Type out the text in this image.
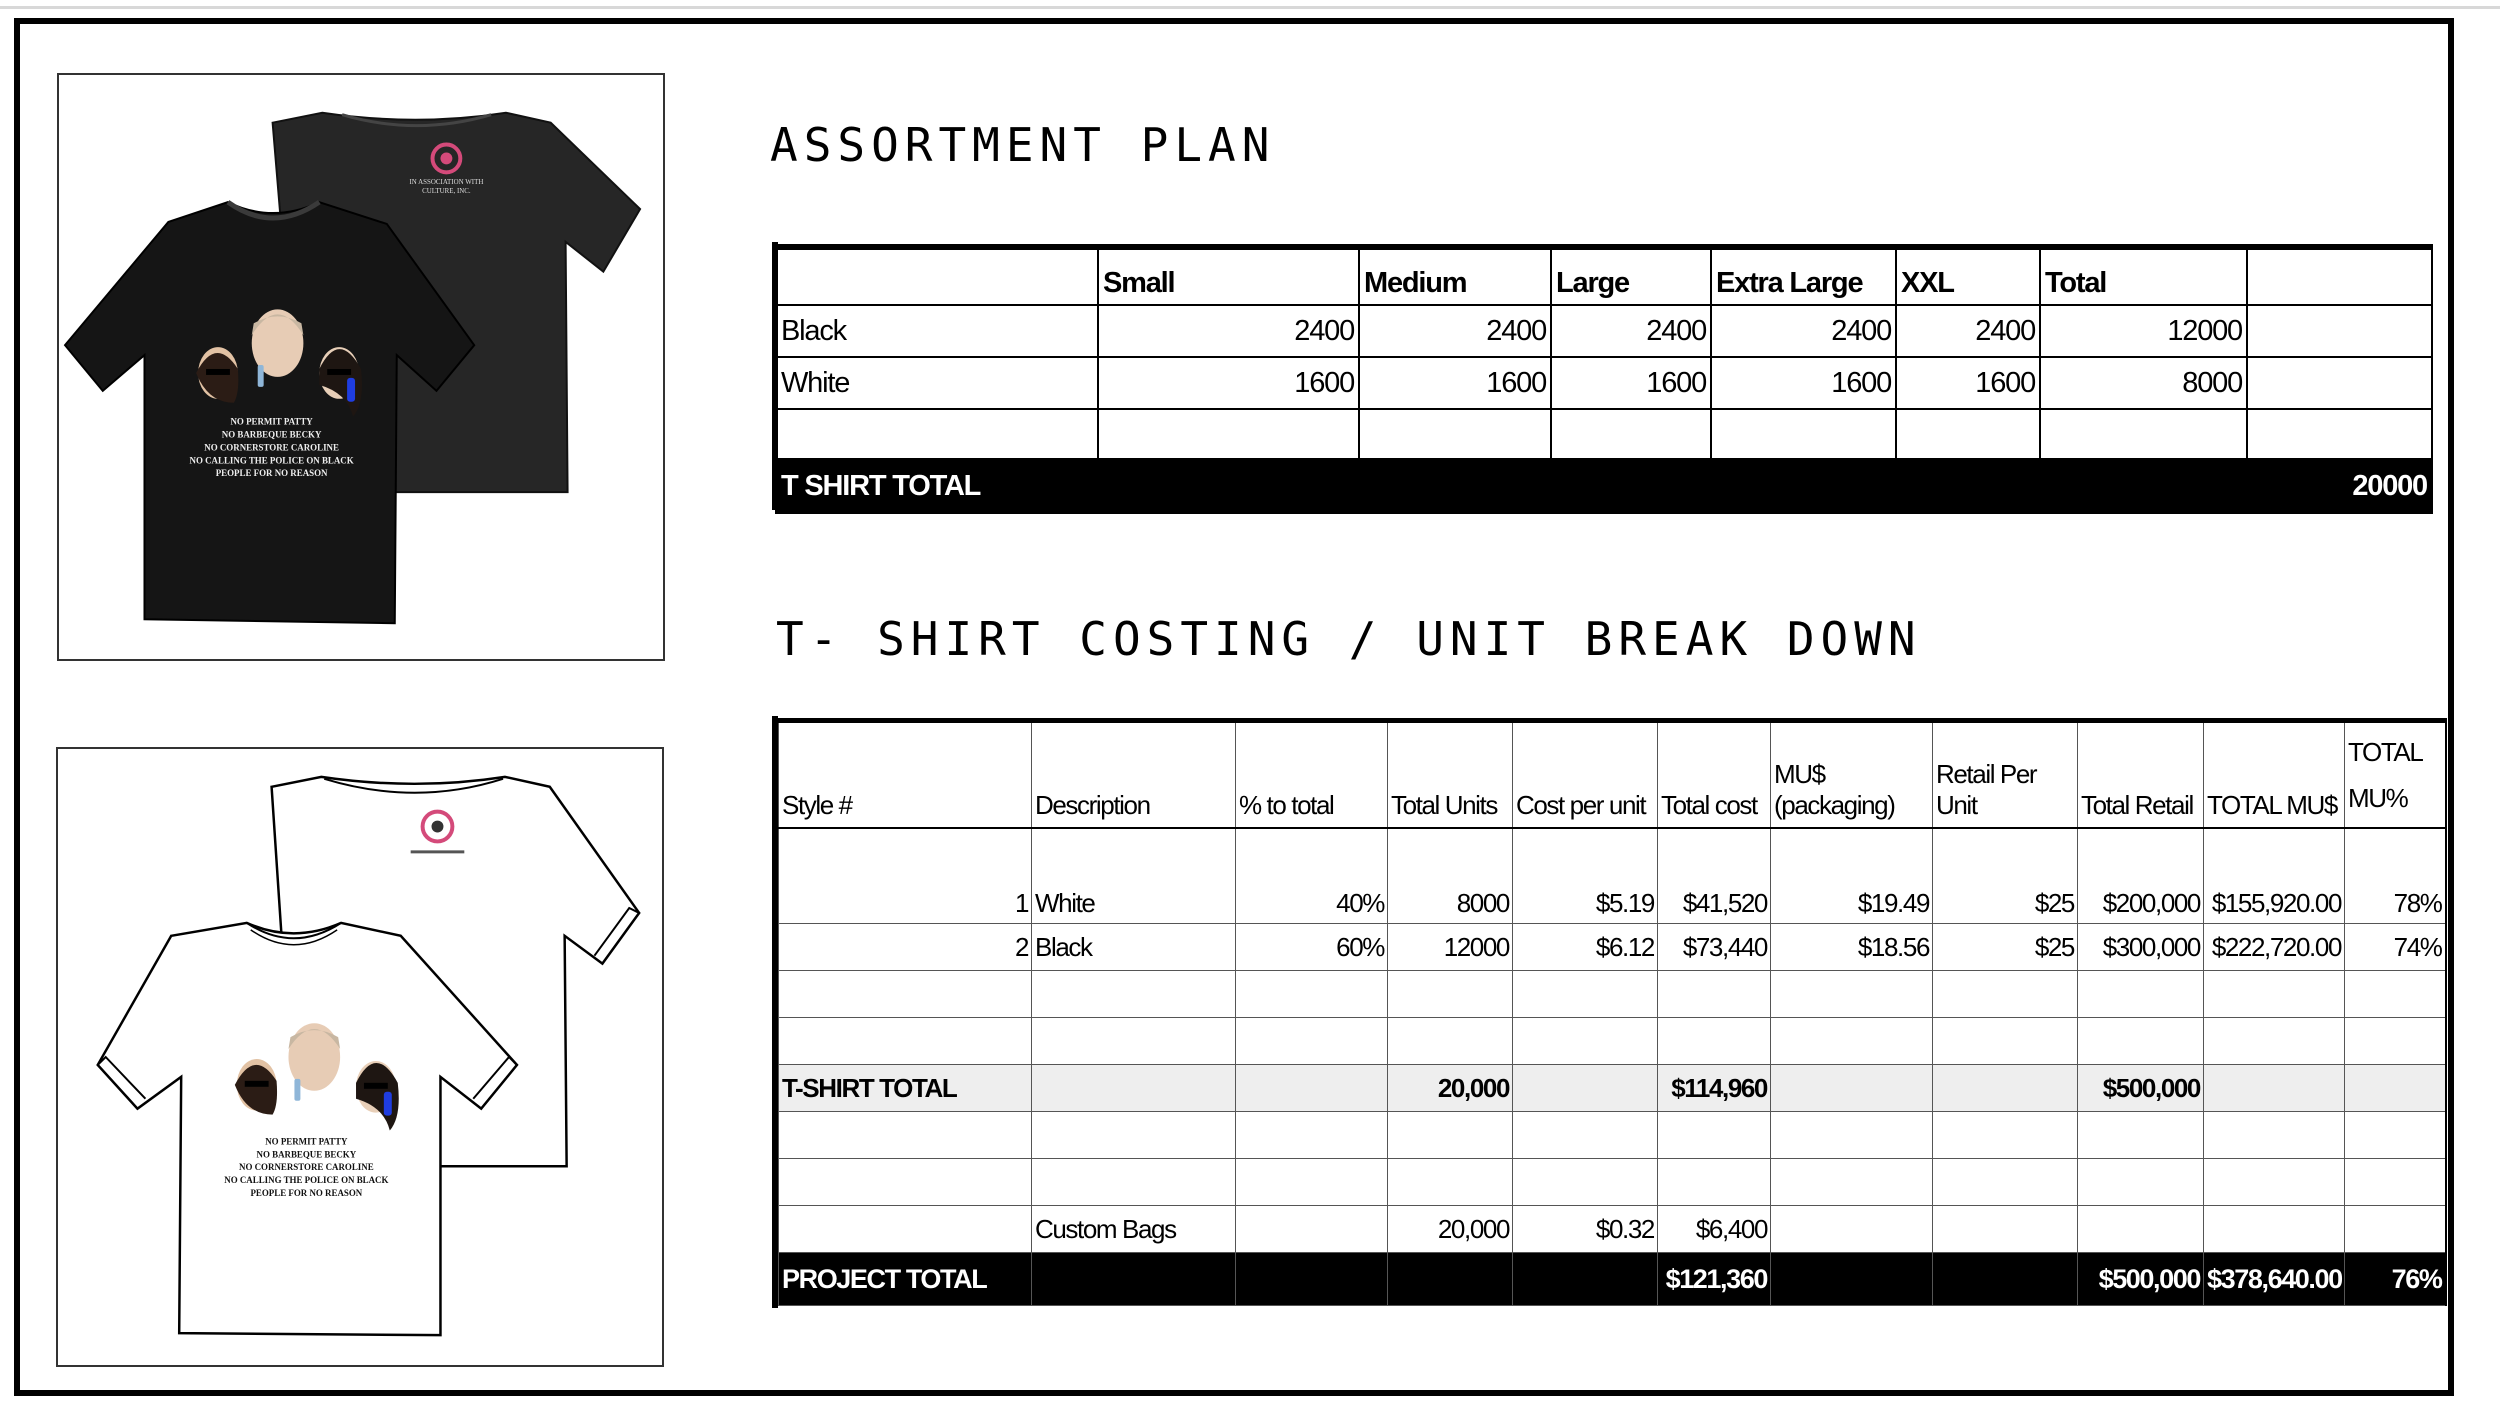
IN ASSOCIATION WITH
CULTURE, INC.
NO PERMIT PATTY
NO BARBEQUE BECKY
NO CORNERSTORE CAROLINE
NO CALLING THE POLICE ON BLACK
PEOPLE FOR NO REASON
NO PERMIT PATTY
NO BARBEQUE BECKY
NO CORNERSTORE CAROLINE
NO CALLING THE POLICE ON BLACK
PEOPLE FOR NO REASON
ASSORTMENT PLAN
	Small	Medium	Large	Extra Large	XXL	Total	
Black	2400	2400	2400	2400	2400	12000	
White	1600	1600	1600	1600	1600	8000	

T SHIRT TOTAL							20000
T- SHIRT COSTING / UNIT BREAK DOWN
Style #	Description	% to total	Total Units	Cost per unit	Total cost	MU$ (packaging)	Retail Per Unit	Total Retail	TOTAL MU$	TOTAL MU%
1	White	40%	8000	$5.19	$41,520	$19.49	$25	$200,000	$155,920.00	78%
2	Black	60%	12000	$6.12	$73,440	$18.56	$25	$300,000	$222,720.00	74%

T-SHIRT TOTAL			20,000		$114,960			$500,000		

	Custom Bags		20,000	$0.32	$6,400					
PROJECT TOTAL					$121,360			$500,000	$378,640.00	76%
